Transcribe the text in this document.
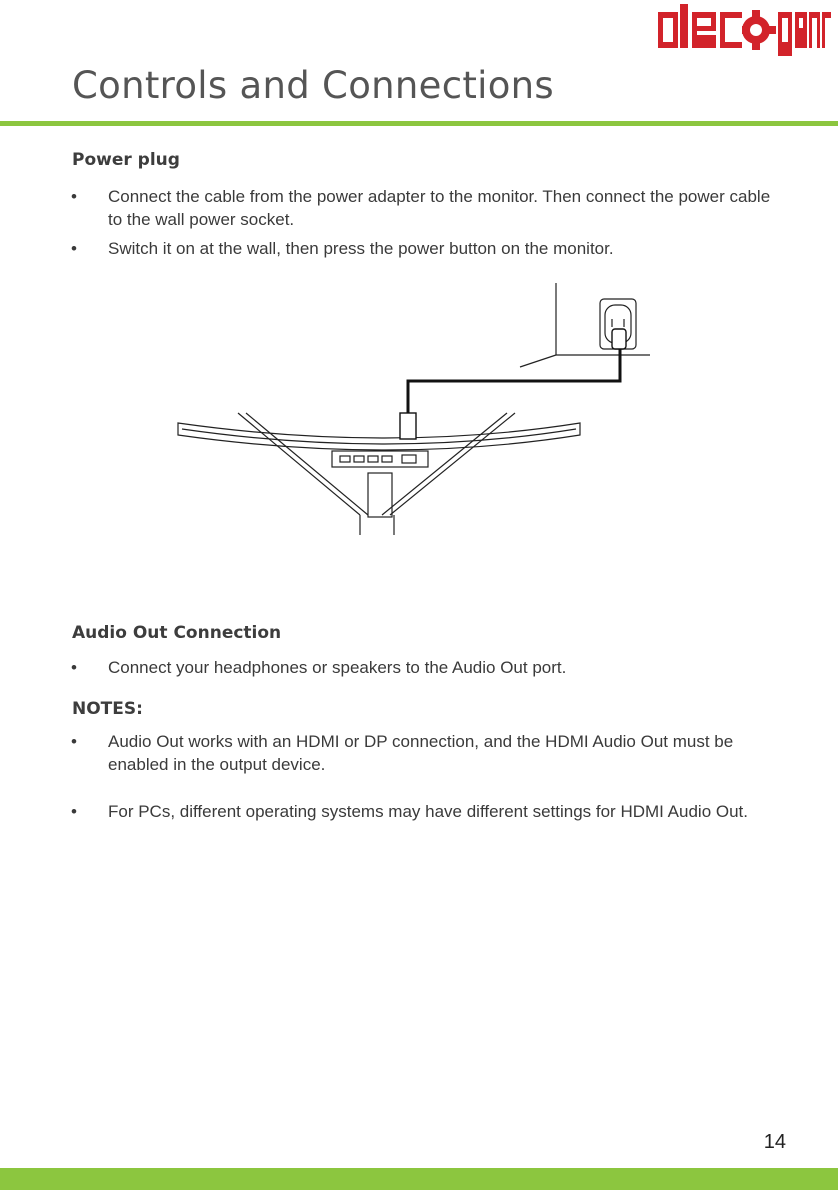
Controls and Connections
Power plug
• Connect the cable from the power adapter to the monitor. Then connect the power cable to the wall power socket.
• Switch it on at the wall, then press the power button on the monitor.
Audio Out Connection
• Connect your headphones or speakers to the Audio Out port.
NOTES:
• Audio Out works with an HDMI or DP connection, and the HDMI Audio Out must be enabled in the output device.
• For PCs, different operating systems may have different settings for HDMI Audio Out.
14
